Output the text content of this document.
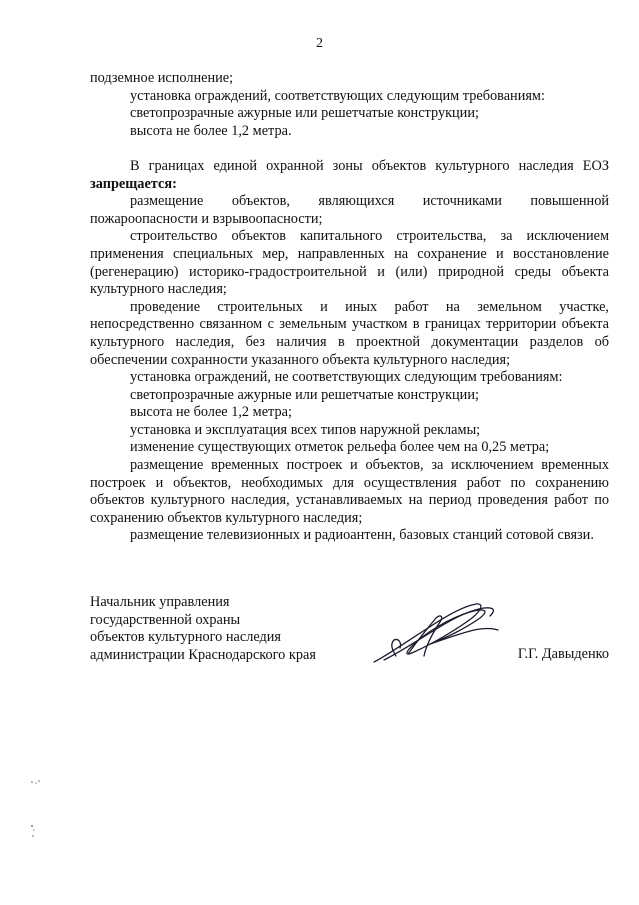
2

подземное исполнение;

установка ограждений, соответствующих следующим требованиям:

светопрозрачные ажурные или решетчатые конструкции;

высота не более 1,2 метра.

В границах единой охранной зоны объектов культурного наследия ЕОЗ

запрещается:

размещение объектов, являющихся источниками повышенной пожароопасности и взрывоопасности;

строительство объектов капитального строительства, за исключением применения специальных мер, направленных на сохранение и восстановление (регенерацию) историко-градостроительной и (или) природной среды объекта культурного наследия;

проведение строительных и иных работ на земельном участке, непосредственно связанном с земельным участком в границах территории объекта культурного наследия, без наличия в проектной документации разделов об обеспечении сохранности указанного объекта культурного наследия;

установка ограждений, не соответствующих следующим требованиям:

светопрозрачные ажурные или решетчатые конструкции;

высота не более 1,2 метра;

установка и эксплуатация всех типов наружной рекламы;

изменение существующих отметок рельефа более чем на 0,25 метра;

размещение временных построек и объектов, за исключением временных построек и объектов, необходимых для осуществления работ по сохранению объектов культурного наследия, устанавливаемых на период проведения работ по сохранению объектов культурного наследия;

размещение телевизионных и радиоантенн, базовых станций сотовой связи.

Начальник управления
государственной охраны
объектов культурного наследия
администрации Краснодарского края	Г.Г. Давыденко
